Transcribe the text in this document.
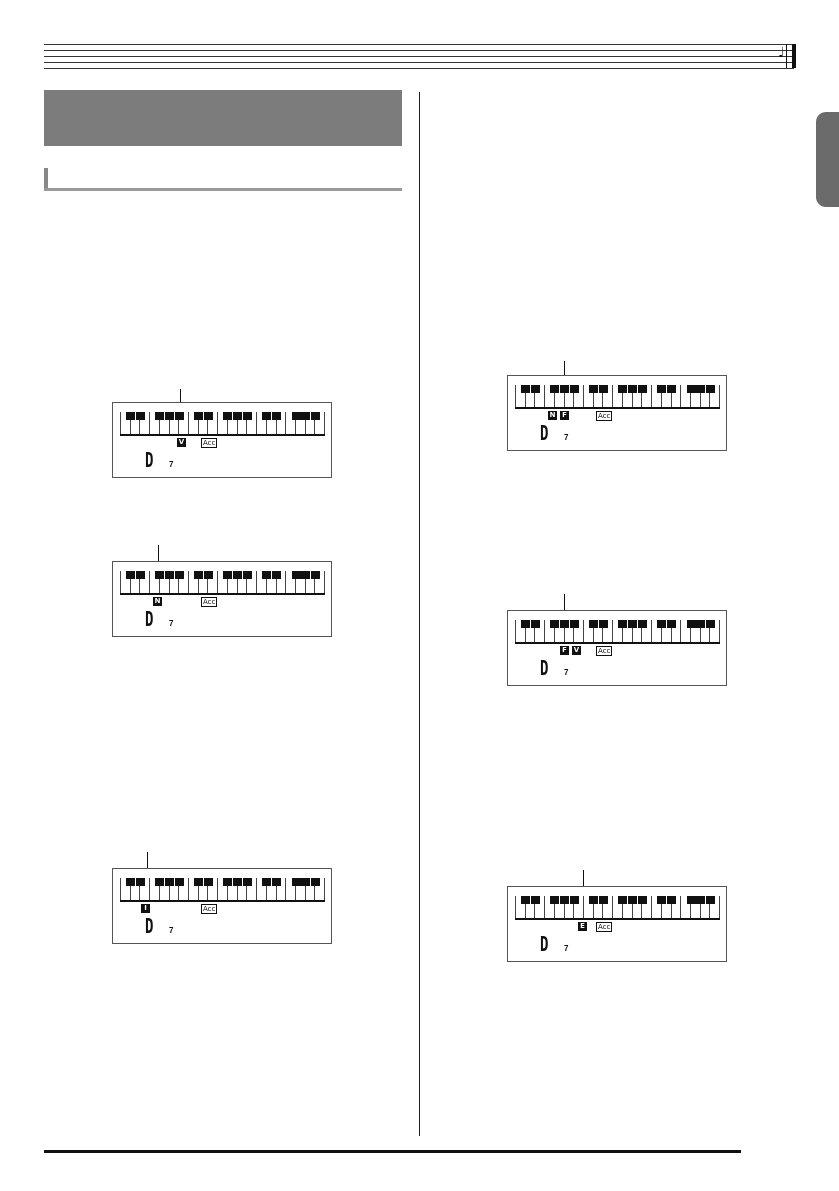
♩
V	Acc
D 7
N	Acc
D 7
I	Acc
D 7
N F	Acc
D 7
F V	Acc
D 7
E	Acc
D 7
